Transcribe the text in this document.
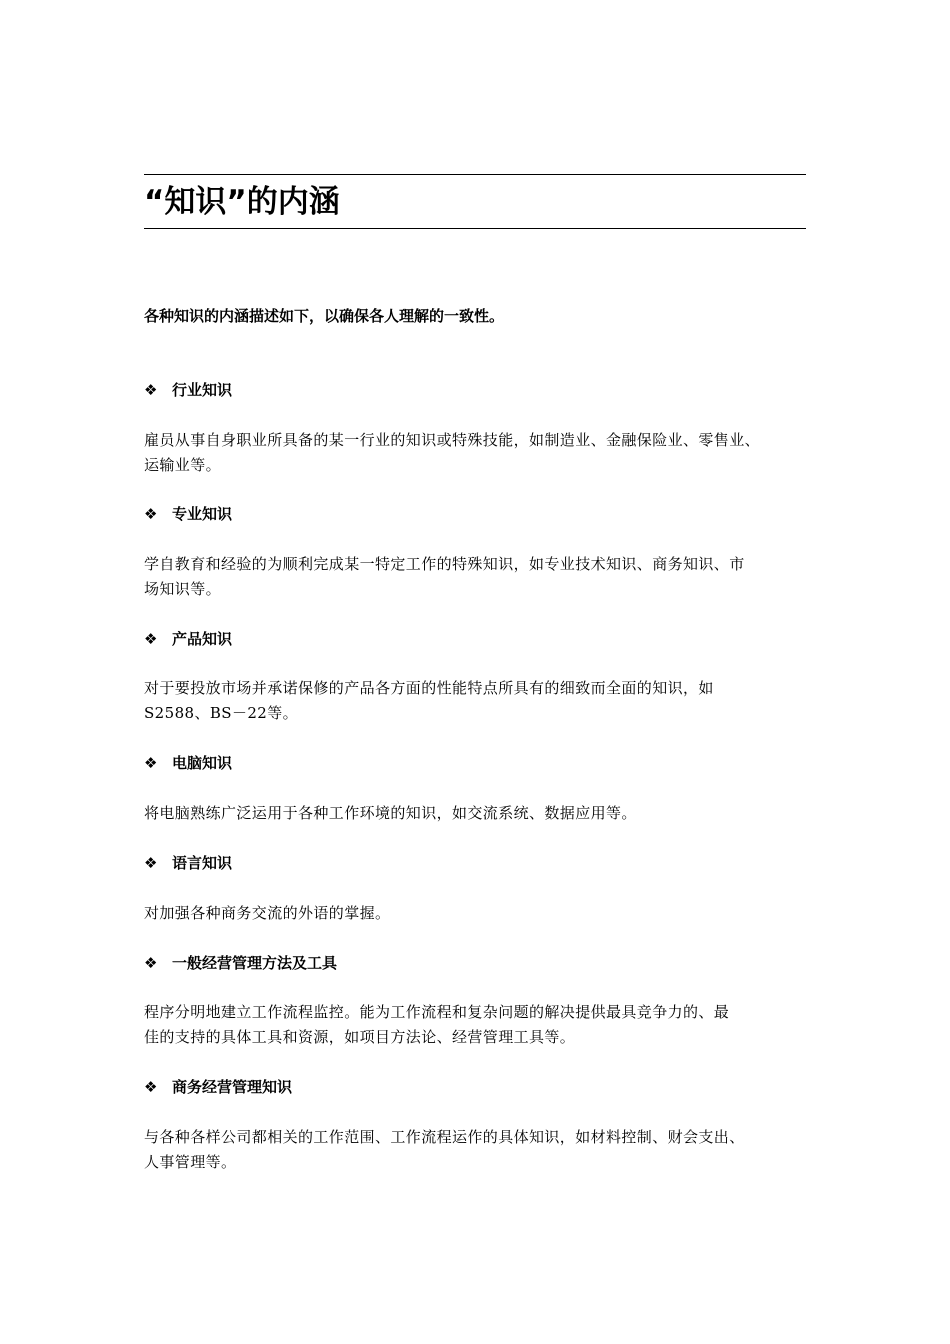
“知识”的内涵
各种知识的内涵描述如下，以确保各人理解的一致性。
❖ 行业知识
雇员从事自身职业所具备的某一行业的知识或特殊技能，如制造业、金融保险业、零售业、
运输业等。
❖ 专业知识
学自教育和经验的为顺利完成某一特定工作的特殊知识，如专业技术知识、商务知识、市
场知识等。
❖ 产品知识
对于要投放市场并承诺保修的产品各方面的性能特点所具有的细致而全面的知识，如
S2588、BS－22等。
❖ 电脑知识
将电脑熟练广泛运用于各种工作环境的知识，如交流系统、数据应用等。
❖ 语言知识
对加强各种商务交流的外语的掌握。
❖ 一般经营管理方法及工具
程序分明地建立工作流程监控。能为工作流程和复杂问题的解决提供最具竞争力的、最
佳的支持的具体工具和资源，如项目方法论、经营管理工具等。
❖ 商务经营管理知识
与各种各样公司都相关的工作范围、工作流程运作的具体知识，如材料控制、财会支出、
人事管理等。
